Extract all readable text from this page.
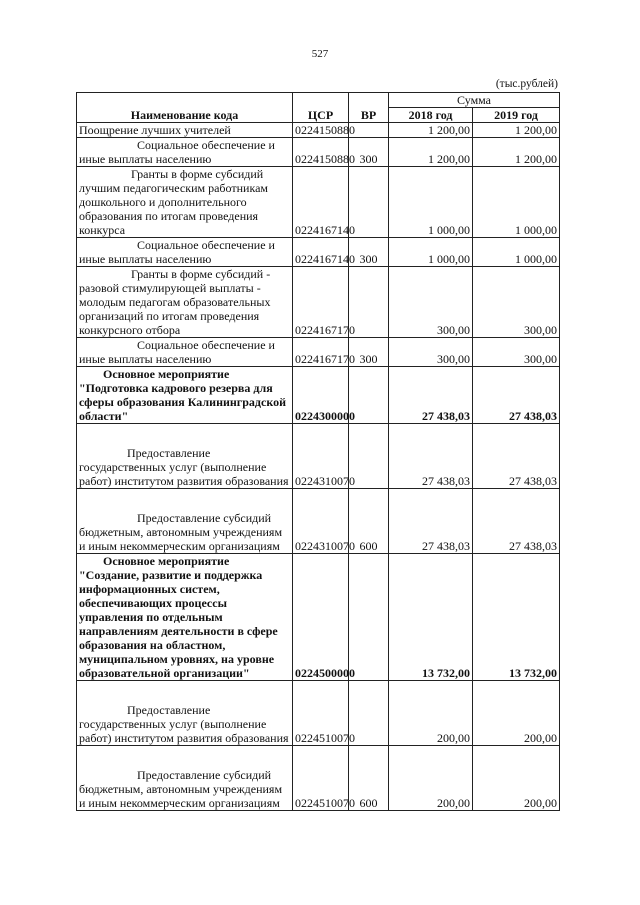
527
(тыс.рублей)
Наименование кода	ЦСР	ВР	Сумма	
			2018 год	2019 год
Поощрение лучших учителей	0224150880		1 200,00	1 200,00
Социальное обеспечение и иные выплаты населению	0224150880	300	1 200,00	1 200,00
Гранты в форме субсидий лучшим педагогическим работникам дошкольного и дополнительного образования по итогам проведения конкурса	0224167140		1 000,00	1 000,00
Социальное обеспечение и иные выплаты населению	0224167140	300	1 000,00	1 000,00
Гранты в форме субсидий - разовой стимулирующей выплаты - молодым педагогам образовательных организаций по итогам проведения конкурсного отбора	0224167170		300,00	300,00
Социальное обеспечение и иные выплаты населению	0224167170	300	300,00	300,00
Основное мероприятие "Подготовка кадрового резерва для сферы образования Калининградской области"	0224300000		27 438,03	27 438,03
Предоставление государственных услуг (выполнение работ) институтом развития образования	0224310070		27 438,03	27 438,03
Предоставление субсидий бюджетным, автономным учреждениям и иным некоммерческим организациям	0224310070	600	27 438,03	27 438,03
Основное мероприятие "Создание, развитие и поддержка информационных систем, обеспечивающих процессы управления по отдельным направлениям деятельности в сфере образования на областном, муниципальном уровнях, на уровне образовательной организации"	0224500000		13 732,00	13 732,00
Предоставление государственных услуг (выполнение работ) институтом развития образования	0224510070		200,00	200,00
Предоставление субсидий бюджетным, автономным учреждениям и иным некоммерческим организациям	0224510070	600	200,00	200,00
